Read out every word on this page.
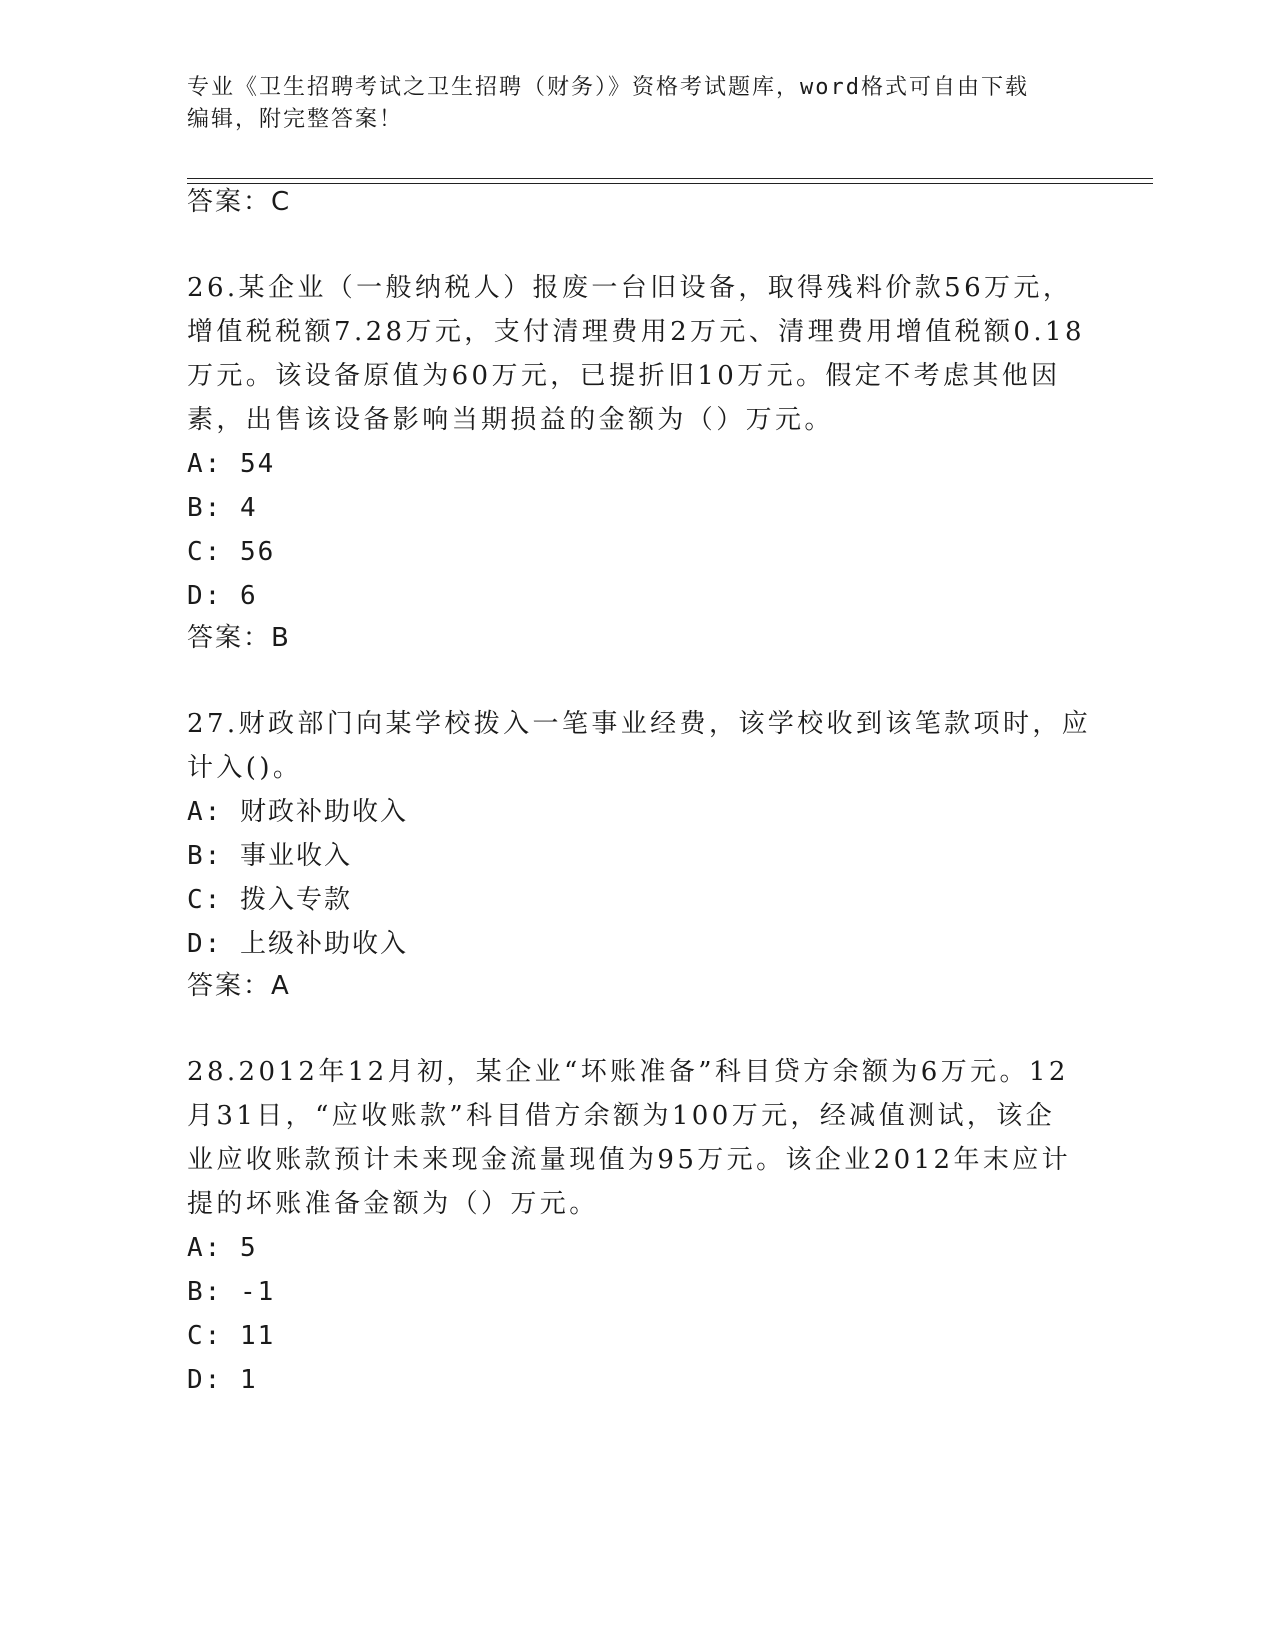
专业《卫生招聘考试之卫生招聘（财务）》资格考试题库，word格式可自由下载
编辑，附完整答案！
答案：C
26.某企业（一般纳税人）报废一台旧设备，取得残料价款56万元，
增值税税额7.28万元，支付清理费用2万元、清理费用增值税额0.18
万元。该设备原值为60万元，已提折旧10万元。假定不考虑其他因
素，出售该设备影响当期损益的金额为（）万元。
A: 54
B: 4
C: 56
D: 6
答案：B
27.财政部门向某学校拨入一笔事业经费，该学校收到该笔款项时，应
计入()。
A: 财政补助收入
B: 事业收入
C: 拨入专款
D: 上级补助收入
答案：A
28.2012年12月初，某企业“坏账准备”科目贷方余额为6万元。12
月31日，“应收账款”科目借方余额为100万元，经减值测试，该企
业应收账款预计未来现金流量现值为95万元。该企业2012年末应计
提的坏账准备金额为（）万元。
A: 5
B: -1
C: 11
D: 1
